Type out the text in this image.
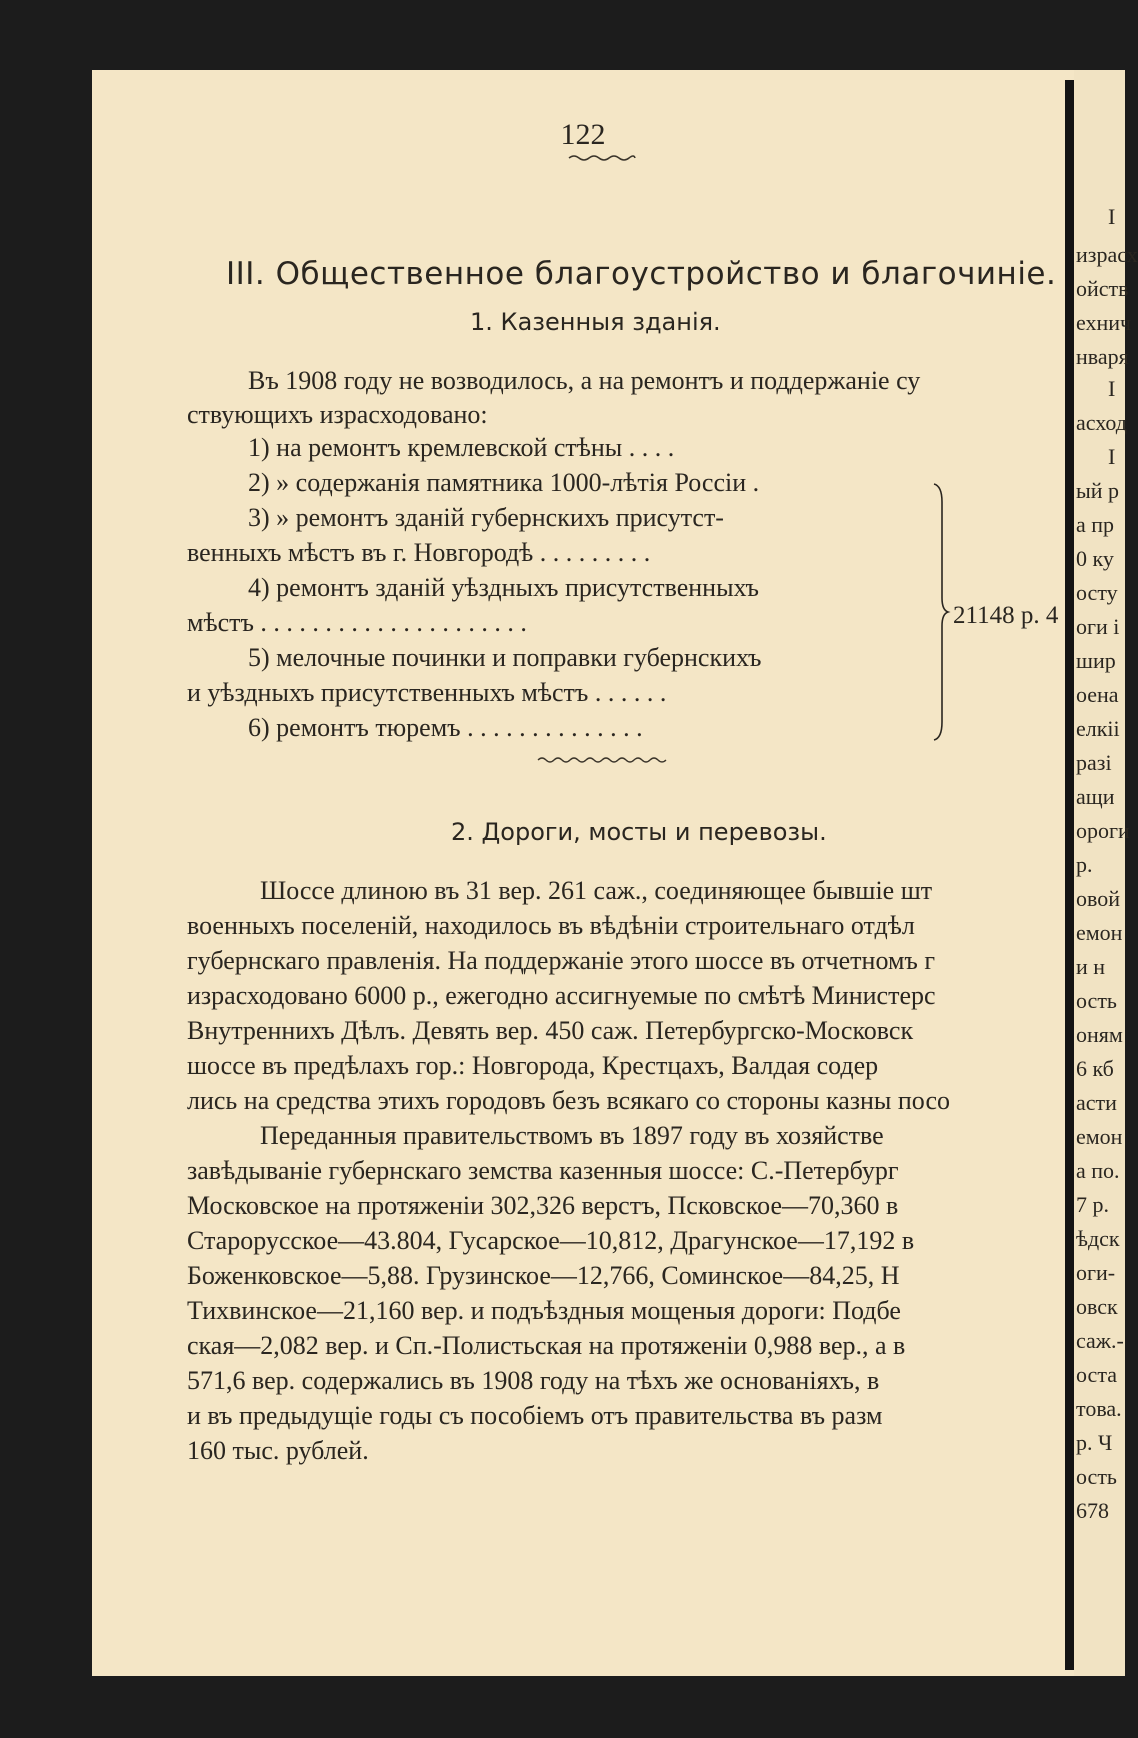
122
III. Общественное благоустройство и благочиніе.
1. Казенныя зданія.
Въ 1908 году не возводилось, а на ремонтъ и поддержаніе су
ствующихъ израсходовано:
1) на ремонтъ кремлевской стѣны . . . .
2) » содержанія памятника 1000-лѣтія Россіи .
3) » ремонтъ зданій губернскихъ присутст-
венныхъ мѣстъ въ г. Новгородѣ . . . . . . . . .
4) ремонтъ зданій уѣздныхъ присутственныхъ
мѣстъ . . . . . . . . . . . . . . . . . . . . .
5) мелочные починки и поправки губернскихъ
и уѣздныхъ присутственныхъ мѣстъ . . . . . .
6) ремонтъ тюремъ . . . . . . . . . . . . . .
21148 р. 4
2. Дороги, мосты и перевозы.
Шоссе длиною въ 31 вер. 261 саж., соединяющее бывшіе шт
военныхъ поселеній, находилось въ вѣдѣніи строительнаго отдѣл
губернскаго правленія. На поддержаніе этого шоссе въ отчетномъ г
израсходовано 6000 р., ежегодно ассигнуемые по смѣтѣ Министерс
Внутреннихъ Дѣлъ. Девять вер. 450 саж. Петербургско-Московск
шоссе въ предѣлахъ гор.: Новгорода, Крестцахъ, Валдая содер
лись на средства этихъ городовъ безъ всякаго со стороны казны посо
Переданныя правительствомъ въ 1897 году въ хозяйстве
завѣдываніе губернскаго земства казенныя шоссе: С.-Петербург
Московское на протяженіи 302,326 верстъ, Псковское—70,360 в
Старорусское—43.804, Гусарское—10,812, Драгунское—17,192 в
Боженковское—5,88. Грузинское—12,766, Соминское—84,25, Н
Тихвинское—21,160 вер. и подъѣздныя мощеныя дороги: Подбе
ская—2,082 вер. и Сп.-Полистьская на протяженіи 0,988 вер., а в
571,6 вер. содержались въ 1908 году на тѣхъ же основаніяхъ, в
и въ предыдущіе годы съ пособіемъ отъ правительства въ разм
160 тыс. рублей.
І
израсх
ойств
ехнич
нваря
І
асход
І
ый р
а пр
0 ку
осту
оги і
шир
оена
елкіі
разі
ащи
ороги
р.
овой
емон
и н
ость
оням
6 кб
асти
емон
а по.
7 р.
ѣдск
оги-
овск
саж.-
оста
това.
р. Ч
ость
678
